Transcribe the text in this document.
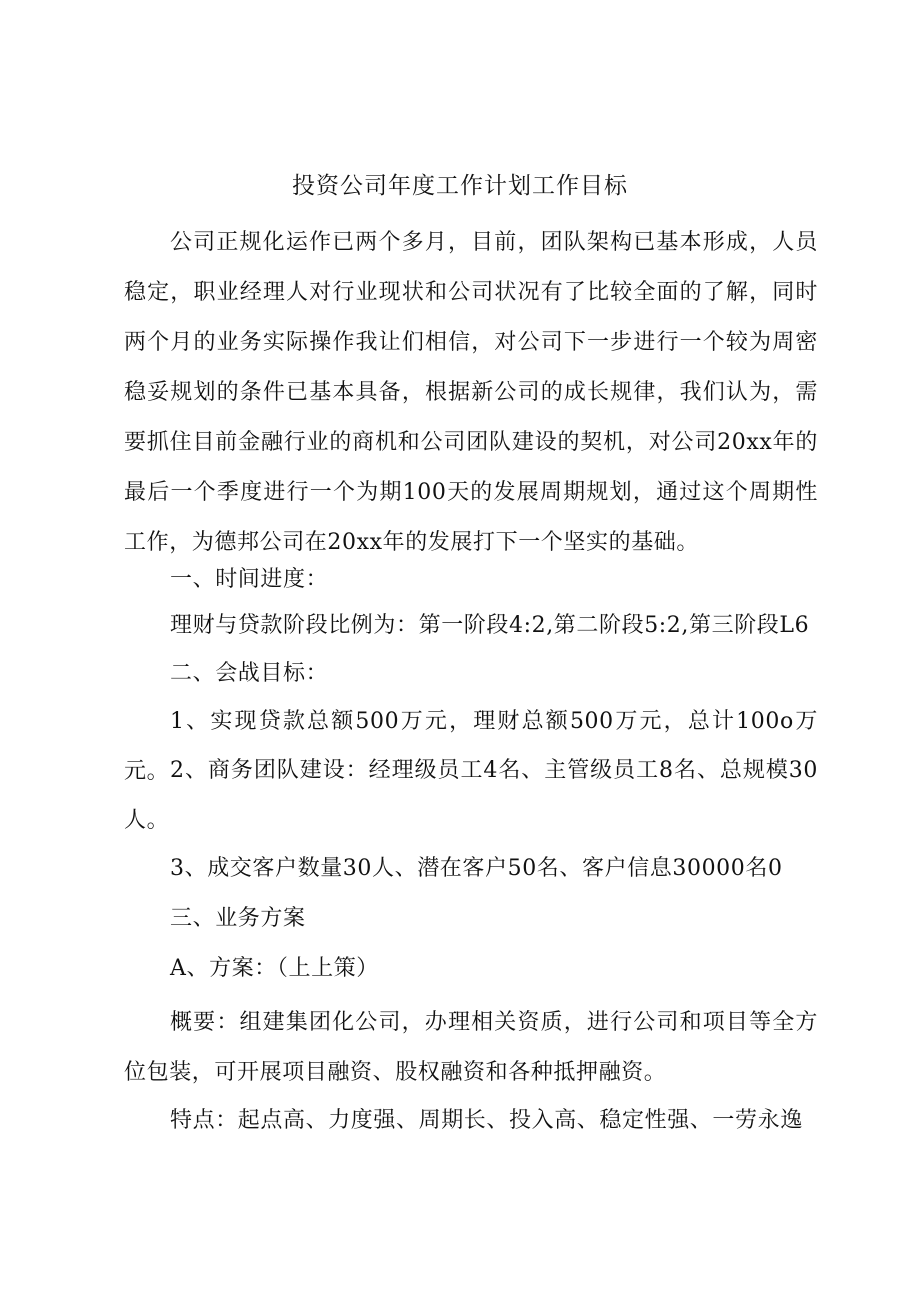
投资公司年度工作计划工作目标

公司正规化运作已两个多月，目前，团队架构已基本形成，人员稳定，职业经理人对行业现状和公司状况有了比较全面的了解，同时两个月的业务实际操作我让们相信，对公司下一步进行一个较为周密稳妥规划的条件已基本具备，根据新公司的成长规律，我们认为，需要抓住目前金融行业的商机和公司团队建设的契机，对公司20xx年的最后一个季度进行一个为期100天的发展周期规划，通过这个周期性工作，为德邦公司在20xx年的发展打下一个坚实的基础。

一、时间进度：

理财与贷款阶段比例为：第一阶段4:2,第二阶段5:2,第三阶段L6

二、会战目标：

1、实现贷款总额500万元，理财总额500万元，总计100o万元。 2、商务团队建设：经理级员工4名、主管级员工8名、总规模30人。

3、成交客户数量30人、潜在客户50名、客户信息30000名0

三、业务方案

A、方案：（上上策）

概要：组建集团化公司，办理相关资质，进行公司和项目等全方位包装，可开展项目融资、股权融资和各种抵押融资。

特点：起点高、力度强、周期长、投入高、稳定性强、一劳永逸
